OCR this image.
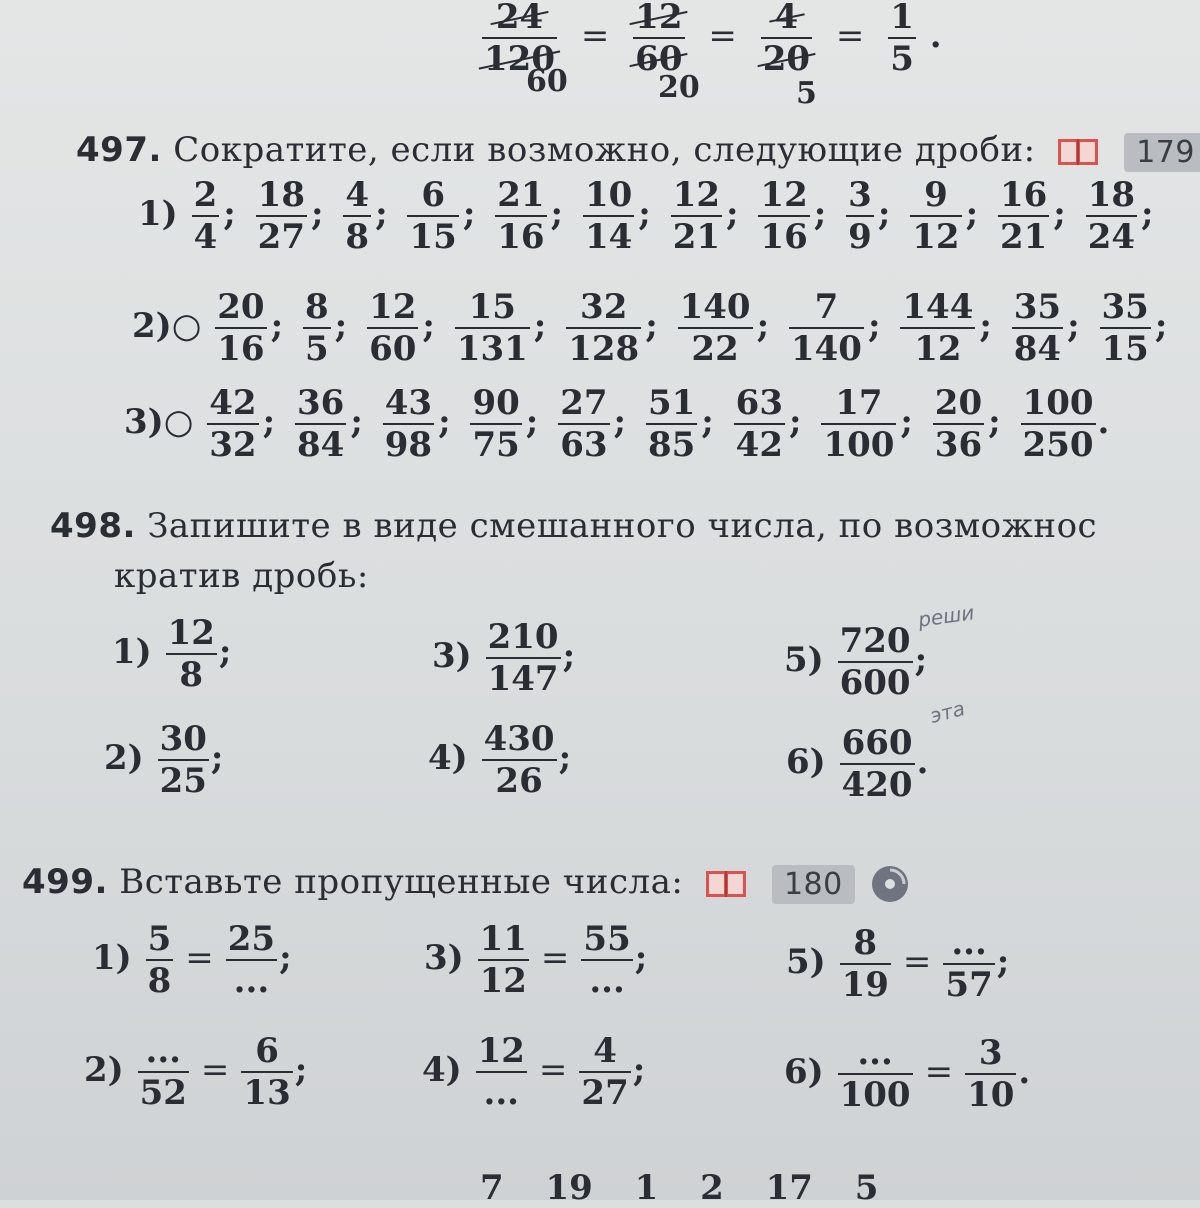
$\frac{24}{120} = \frac{12}{60} = \frac{4}{20} = \frac{1}{5}$ .
60	20	5
497. Сократите, если возможно, следующие дроби:	179
$1) \frac{2}{4}$ ; $\frac{18}{27}$ ; $\frac{4}{8}$ ; $\frac{6}{15}$ ; $\frac{21}{16}$ ; $\frac{10}{14}$ ; $\frac{12}{21}$ ; $\frac{12}{16}$ ; $\frac{3}{9}$ ; $\frac{9}{12}$ ; $\frac{16}{21}$ ; $\frac{18}{24}$ ;
2)○ $\frac{20}{16}$ ; $\frac{8}{5}$ ; $\frac{12}{60}$ ; $\frac{15}{131}$ ; $\frac{32}{128}$ ; $\frac{140}{22}$ ; $\frac{7}{140}$ ; $\frac{144}{12}$ ; $\frac{35}{84}$ ; $\frac{35}{15}$ ;
3)○ $\frac{42}{32}$ ; $\frac{36}{84}$ ; $\frac{43}{98}$ ; $\frac{90}{75}$ ; $\frac{27}{63}$ ; $\frac{51}{85}$ ; $\frac{63}{42}$ ; $\frac{17}{100}$ ; $\frac{20}{36}$ ; $\frac{100}{250}$ .
498. Запишите в виде смешанного числа, по возможнос
кратив дробь:
$1) \frac{12}{8}$ ;
$2) \frac{30}{25}$ ;
$3) \frac{210}{147}$ ;
$4) \frac{430}{26}$ ;
$5) \frac{720}{600}$ ;
$6) \frac{660}{420}$ .
реши
эта
499. Вставьте пропущенные числа:	180
$1) \frac{5}{8} = \frac{25}{...}$ ;
$2) \frac{...}{52} = \frac{6}{13}$ ;
$3) \frac{11}{12} = \frac{55}{...}$ ;
$4) \frac{12}{...} = \frac{4}{27}$ ;
$5) \frac{8}{19} = \frac{...}{57}$ ;
$6) \frac{...}{100} = \frac{3}{10}$ .
7 19 1 2 17 5
